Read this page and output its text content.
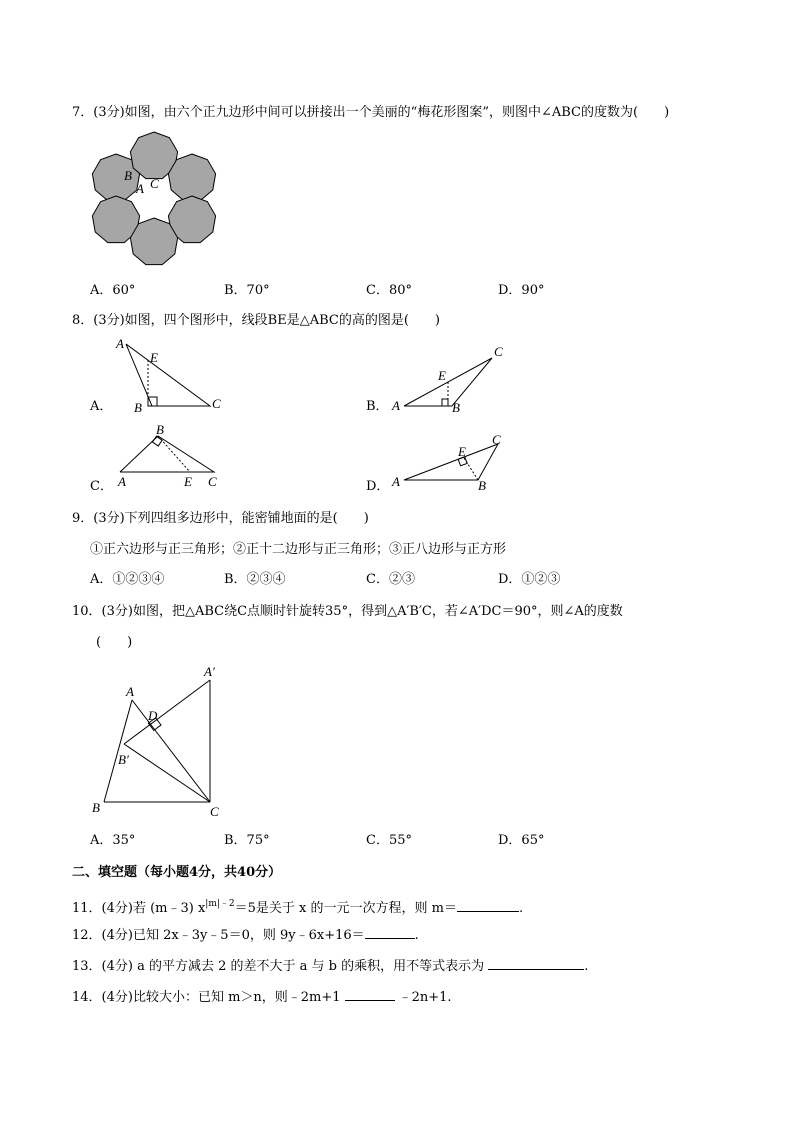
7．(3分)如图，由六个正九边形中间可以拼接出一个美丽的“梅花形图案”，则图中∠ABC的度数为(　　)
B
A C
A．60°	B．70°	C．80°	D．90°
8．(3分)如图，四个图形中，线段BE是△ABC的高的图是(　　)
A．
A
E
B	C	B． A
E
B
C
C．
B
A	E C	D． A
E
B
C
9．(3分)下列四组多边形中，能密铺地面的是(　　)
①正六边形与正三角形；②正十二边形与正三角形；③正八边形与正方形
A．①②③④	B．②③④	C．②③	D．①②③
10．(3分)如图，把△ABC绕C点顺时针旋转35°，得到△A′B′C，若∠A′DC＝90°，则∠A的度数
(　　)
A
A′
D
B′
B	C
A．35°	B．75°	C．55°	D．65°
二、填空题（每小题4分，共40分）
11．(4分)若 (m﹣3) $x^{|m|﹣2}=5$是关于 x 的一元一次方程，则 m＝	.
12．(4分)已知 2x﹣3y﹣5＝0，则 9y﹣6x+16＝	.
13．(4分) a 的平方减去 2 的差不大于 a 与 b 的乘积，用不等式表示为	.
14．(4分)比较大小：已知 m＞n，则﹣2m+1	﹣2n+1.
